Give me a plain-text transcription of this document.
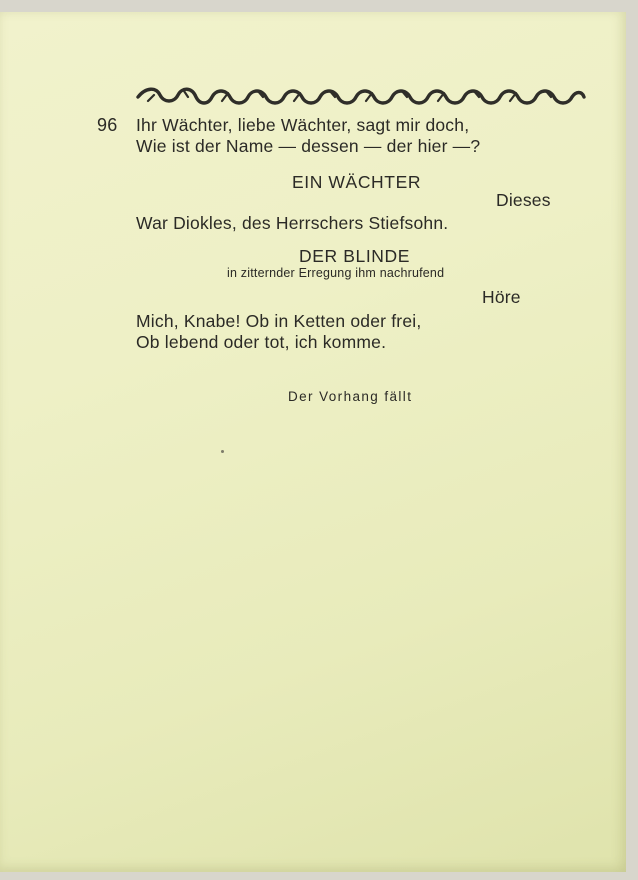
96 Ihr Wächter, liebe Wächter, sagt mir doch,
Wie ist der Name — dessen — der hier —?
EIN WÄCHTER
Dieses
War Diokles, des Herrschers Stiefsohn.
DER BLINDE
in zitternder Erregung ihm nachrufend
Höre
Mich, Knabe! Ob in Ketten oder frei,
Ob lebend oder tot, ich komme.
Der Vorhang fällt
